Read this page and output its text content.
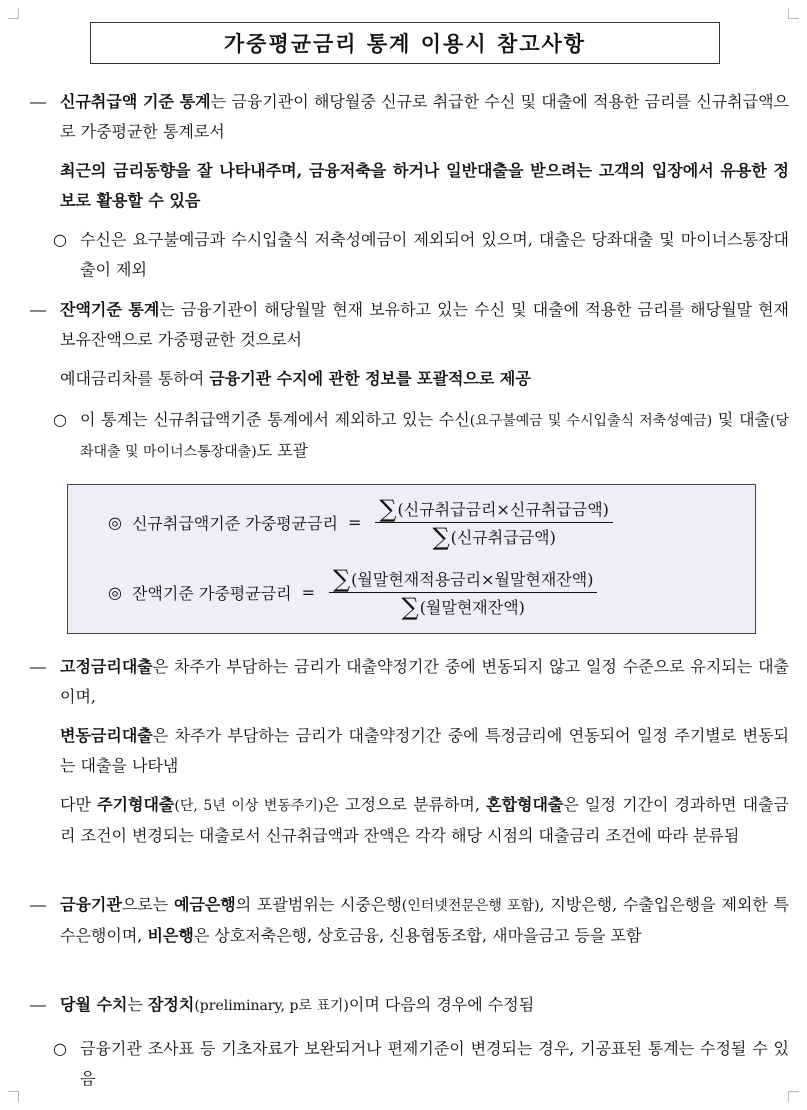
가중평균금리 통계 이용시 참고사항
― 신규취급액 기준 통계는 금융기관이 해당월중 신규로 취급한 수신 및 대출에 적용한 금리를 신규취급액으로 가중평균한 통계로서
최근의 금리동향을 잘 나타내주며, 금융저축을 하거나 일반대출을 받으려는 고객의 입장에서 유용한 정보로 활용할 수 있음
○ 수신은 요구불예금과 수시입출식 저축성예금이 제외되어 있으며, 대출은 당좌대출 및 마이너스통장대출이 제외
― 잔액기준 통계는 금융기관이 해당월말 현재 보유하고 있는 수신 및 대출에 적용한 금리를 해당월말 현재 보유잔액으로 가중평균한 것으로서
예대금리차를 통하여 금융기관 수지에 관한 정보를 포괄적으로 제공
○ 이 통계는 신규취급액기준 통계에서 제외하고 있는 수신(요구불예금 및 수시입출식 저축성예금) 및 대출(당좌대출 및 마이너스통장대출)도 포괄
◎ 신규취급액기준 가중평균금리 = $\frac{\text{∑ (신규취급금리×신규취급금액)}}{\text{∑ (신규취급금액)}}$
◎ 잔액기준 가중평균금리 = $\frac{\text{∑ (월말현재적용금리×월말현재잔액)}}{\text{∑ (월말현재잔액)}}$
― 고정금리대출은 차주가 부담하는 금리가 대출약정기간 중에 변동되지 않고 일정 수준으로 유지되는 대출이며,
변동금리대출은 차주가 부담하는 금리가 대출약정기간 중에 특정금리에 연동되어 일정 주기별로 변동되는 대출을 나타냄
다만 주기형대출(단, 5년 이상 변동주기)은 고정으로 분류하며, 혼합형대출은 일정 기간이 경과하면 대출금리 조건이 변경되는 대출로서 신규취급액과 잔액은 각각 해당 시점의 대출금리 조건에 따라 분류됨
― 금융기관으로는 예금은행의 포괄범위는 시중은행(인터넷전문은행 포함), 지방은행, 수출입은행을 제외한 특수은행이며, 비은행은 상호저축은행, 상호금융, 신용협동조합, 새마을금고 등을 포함
― 당월 수치는 잠정치(preliminary, p로 표기)이며 다음의 경우에 수정됨
○ 금융기관 조사표 등 기초자료가 보완되거나 편제기준이 변경되는 경우, 기공표된 통계는 수정될 수 있음
